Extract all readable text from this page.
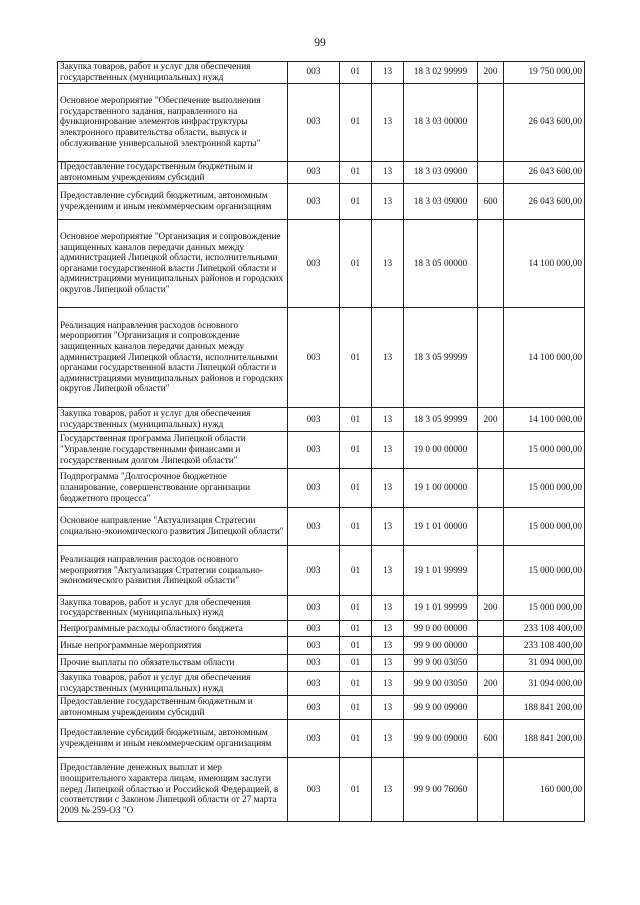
99
Закупка товаров, работ и услуг для обеспечения государственных (муниципальных) нужд	003	01	13	18 3 02 99999	200	19 750 000,00
Основное мероприятие "Обеспечение выполнения государственного задания, направленного на функционирование элементов инфраструктуры электронного правительства области, выпуск и обслуживание универсальной электронной карты"	003	01	13	18 3 03 00000		26 043 600,00
Предоставление государственным бюджетным и автономным учреждениям субсидий	003	01	13	18 3 03 09000		26 043 600,00
Предоставление субсидий бюджетным, автономным учреждениям и иным некоммерческим организациям	003	01	13	18 3 03 09000	600	26 043 600,00
Основное мероприятие "Организация и сопровождение защищенных каналов передачи данных между администрацией Липецкой области, исполнительными органами государственной власти Липецкой области и администрациями муниципальных районов и городских округов Липецкой области"	003	01	13	18 3 05 00000		14 100 000,00
Реализация направления расходов основного мероприятия "Организация и сопровождение защищенных каналов передачи данных между администрацией Липецкой области, исполнительными органами государственной власти Липецкой области и администрациями муниципальных районов и городских округов Липецкой области"	003	01	13	18 3 05 99999		14 100 000,00
Закупка товаров, работ и услуг для обеспечения государственных (муниципальных) нужд	003	01	13	18 3 05 99999	200	14 100 000,00
Государственная программа Липецкой области "Управление государственными финансами и государственным долгом Липецкой области"	003	01	13	19 0 00 00000		15 000 000,00
Подпрограмма "Долгосрочное бюджетное планирование, совершенствование организации бюджетного процесса"	003	01	13	19 1 00 00000		15 000 000,00
Основное направление "Актуализация Стратегии социально-экономического развития Липецкой области"	003	01	13	19 1 01 00000		15 000 000,00
Реализация направления расходов основного мероприятия "Актуализация Стратегии социально-экономического развития Липецкой области"	003	01	13	19 1 01 99999		15 000 000,00
Закупка товаров, работ и услуг для обеспечения государственных (муниципальных) нужд	003	01	13	19 1 01 99999	200	15 000 000,00
Непрограммные расходы областного бюджета	003	01	13	99 0 00 00000		233 108 400,00
Иные непрограммные мероприятия	003	01	13	99 9 00 00000		233 108 400,00
Прочие выплаты по обязательствам области	003	01	13	99 9 00 03050		31 094 000,00
Закупка товаров, работ и услуг для обеспечения государственных (муниципальных) нужд	003	01	13	99 9 00 03050	200	31 094 000,00
Предоставление государственным бюджетным и автономным учреждениям субсидий	003	01	13	99 9 00 09000		188 841 200,00
Предоставление субсидий бюджетным, автономным учреждениям и иным некоммерческим организациям	003	01	13	99 9 00 09000	600	188 841 200,00
Предоставление денежных выплат и мер поощрительного характера лицам, имеющим заслуги перед Липецкой областью и Российской Федерацией, в соответствии с Законом Липецкой области от 27 марта 2009 № 259-ОЗ "О	003	01	13	99 9 00 76060		160 000,00
